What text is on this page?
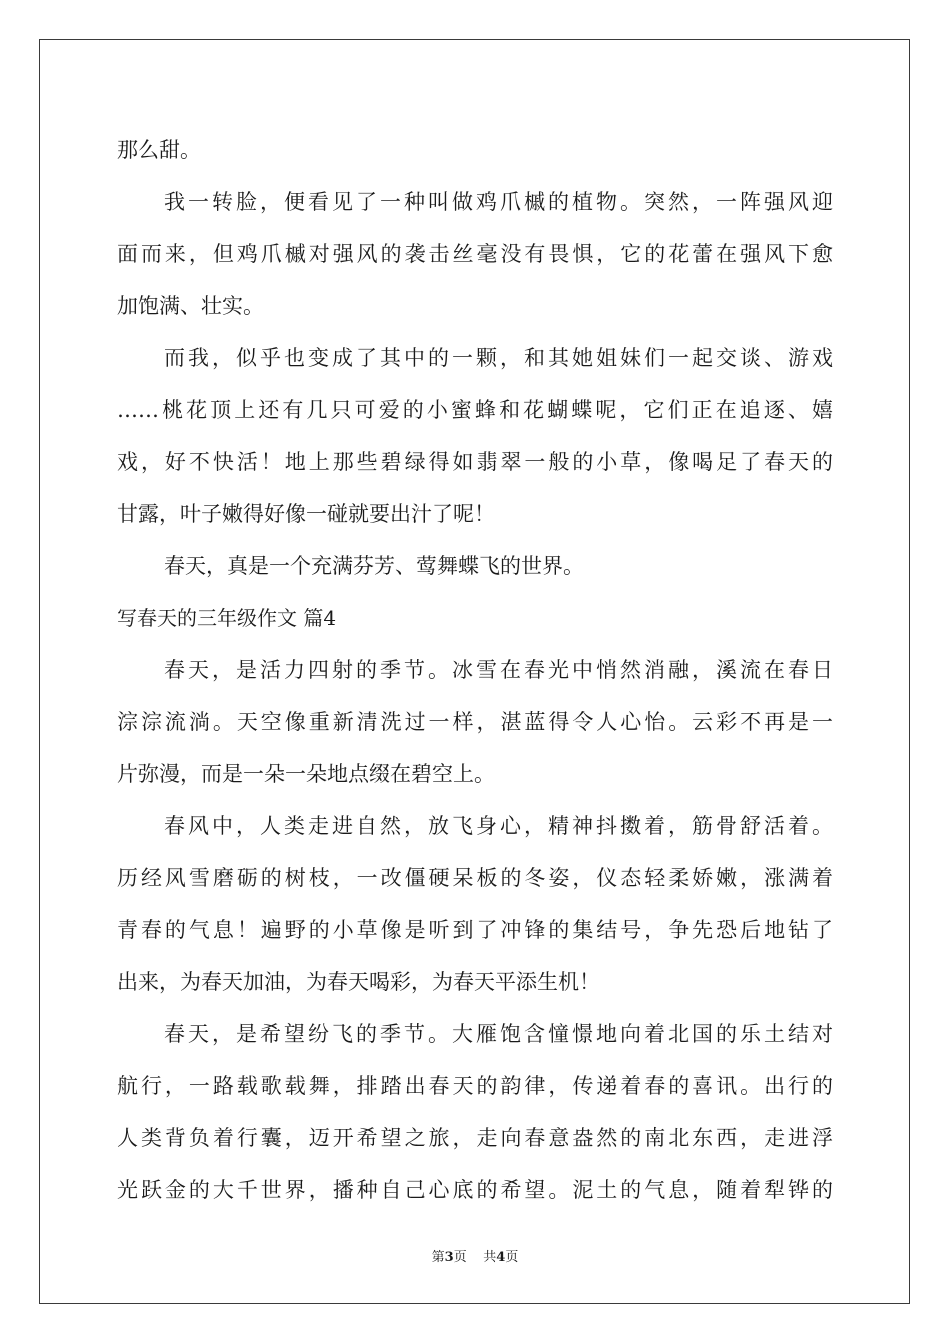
那么甜。
我一转脸，便看见了一种叫做鸡爪槭的植物。突然，一阵强风迎
面而来，但鸡爪槭对强风的袭击丝毫没有畏惧，它的花蕾在强风下愈
加饱满、壮实。
而我，似乎也变成了其中的一颗，和其她姐妹们一起交谈、游戏
……桃花顶上还有几只可爱的小蜜蜂和花蝴蝶呢，它们正在追逐、嬉
戏，好不快活！地上那些碧绿得如翡翠一般的小草，像喝足了春天的
甘露，叶子嫩得好像一碰就要出汁了呢！
春天，真是一个充满芬芳、莺舞蝶飞的世界。
写春天的三年级作文 篇4
春天，是活力四射的季节。冰雪在春光中悄然消融，溪流在春日
淙淙流淌。天空像重新清洗过一样，湛蓝得令人心怡。云彩不再是一
片弥漫，而是一朵一朵地点缀在碧空上。
春风中，人类走进自然，放飞身心，精神抖擞着，筋骨舒活着。
历经风雪磨砺的树枝，一改僵硬呆板的冬姿，仪态轻柔娇嫩，涨满着
青春的气息！遍野的小草像是听到了冲锋的集结号，争先恐后地钻了
出来，为春天加油，为春天喝彩，为春天平添生机！
春天，是希望纷飞的季节。大雁饱含憧憬地向着北国的乐土结对
航行，一路载歌载舞，排踏出春天的韵律，传递着春的喜讯。出行的
人类背负着行囊，迈开希望之旅，走向春意盎然的南北东西，走进浮
光跃金的大千世界，播种自己心底的希望。泥土的气息，随着犁铧的
第3页 共4页
